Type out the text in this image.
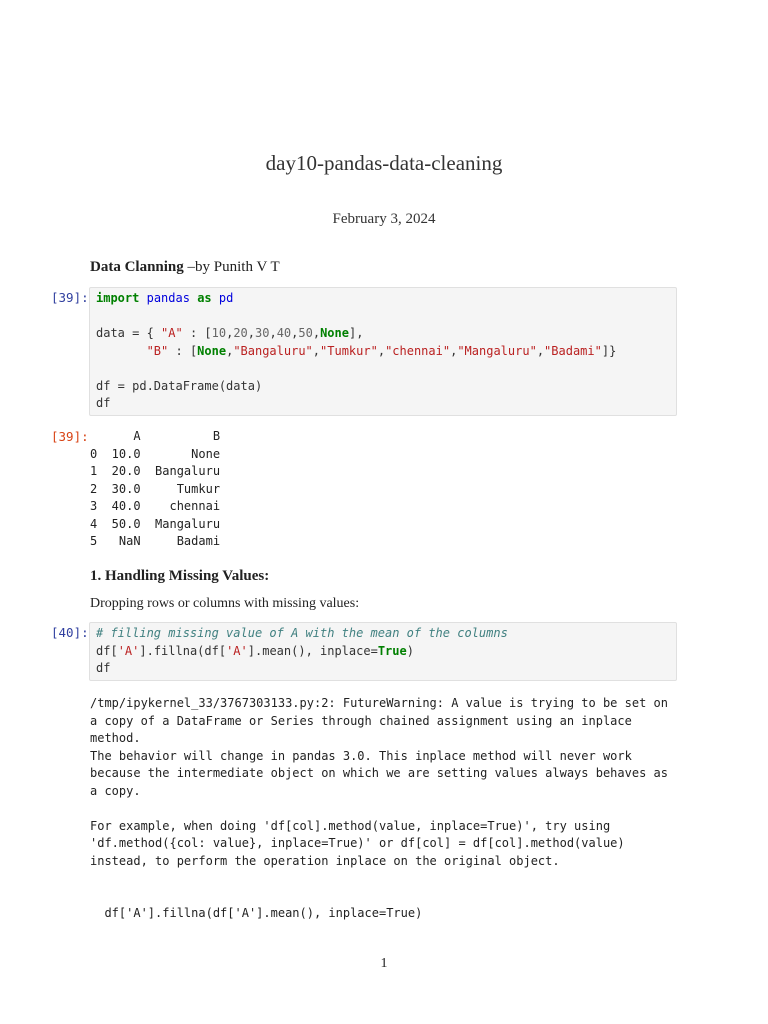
day10-pandas-data-cleaning
February 3, 2024
Data Clanning –by Punith V T
[39]: import pandas as pd

data = { "A" : [10,20,30,40,50,None],
"B" : [None,"Bangaluru","Tumkur","chennai","Mangaluru","Badami"]}

df = pd.DataFrame(data)
df
[39]:	A          B
0  10.0       None
1  20.0  Bangaluru
2  30.0     Tumkur
3  40.0    chennai
4  50.0  Mangaluru
5   NaN     Badami
1. Handling Missing Values:
Dropping rows or columns with missing values:
[40]: # filling missing value of A with the mean of the columns
df['A'].fillna(df['A'].mean(), inplace=True)
df
/tmp/ipykernel_33/3767303133.py:2: FutureWarning: A value is trying to be set on
a copy of a DataFrame or Series through chained assignment using an inplace
method.
The behavior will change in pandas 3.0. This inplace method will never work
because the intermediate object on which we are setting values always behaves as
a copy.

For example, when doing 'df[col].method(value, inplace=True)', try using
'df.method({col: value}, inplace=True)' or df[col] = df[col].method(value)
instead, to perform the operation inplace on the original object.

df['A'].fillna(df['A'].mean(), inplace=True)
1
